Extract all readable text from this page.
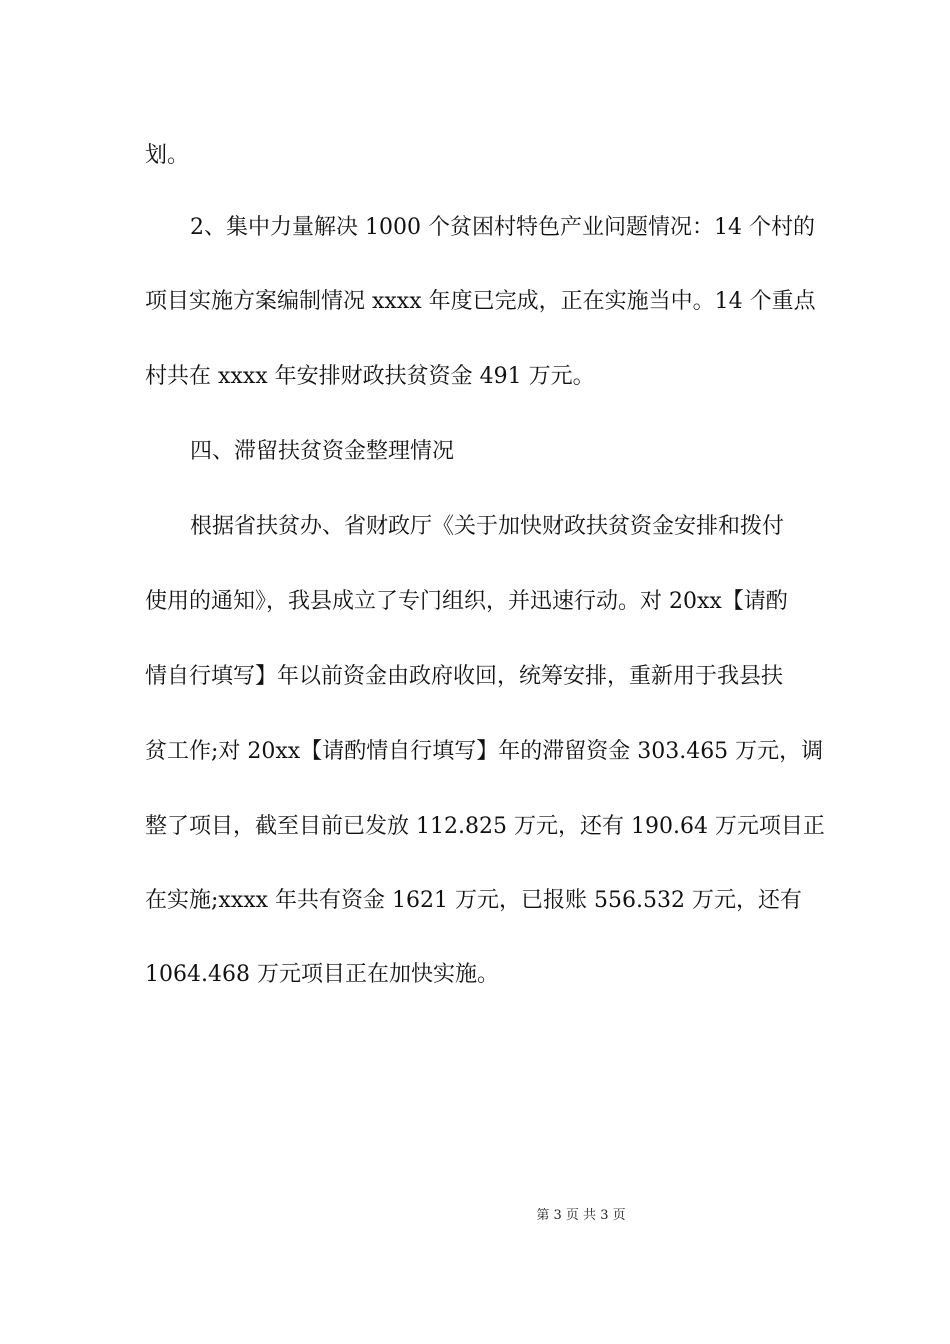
划。
2、集中力量解决 1000 个贫困村特色产业问题情况：14 个村的
项目实施方案编制情况 xxxx 年度已完成，正在实施当中。14 个重点
村共在 xxxx 年安排财政扶贫资金 491 万元。
四、滞留扶贫资金整理情况
根据省扶贫办、省财政厅《关于加快财政扶贫资金安排和拨付
使用的通知》，我县成立了专门组织，并迅速行动。对 20xx【请酌
情自行填写】年以前资金由政府收回，统筹安排，重新用于我县扶
贫工作;对 20xx【请酌情自行填写】年的滞留资金 303.465 万元，调
整了项目，截至目前已发放 112.825 万元，还有 190.64 万元项目正
在实施;xxxx 年共有资金 1621 万元，已报账 556.532 万元，还有
1064.468 万元项目正在加快实施。
第 3 页 共 3 页
